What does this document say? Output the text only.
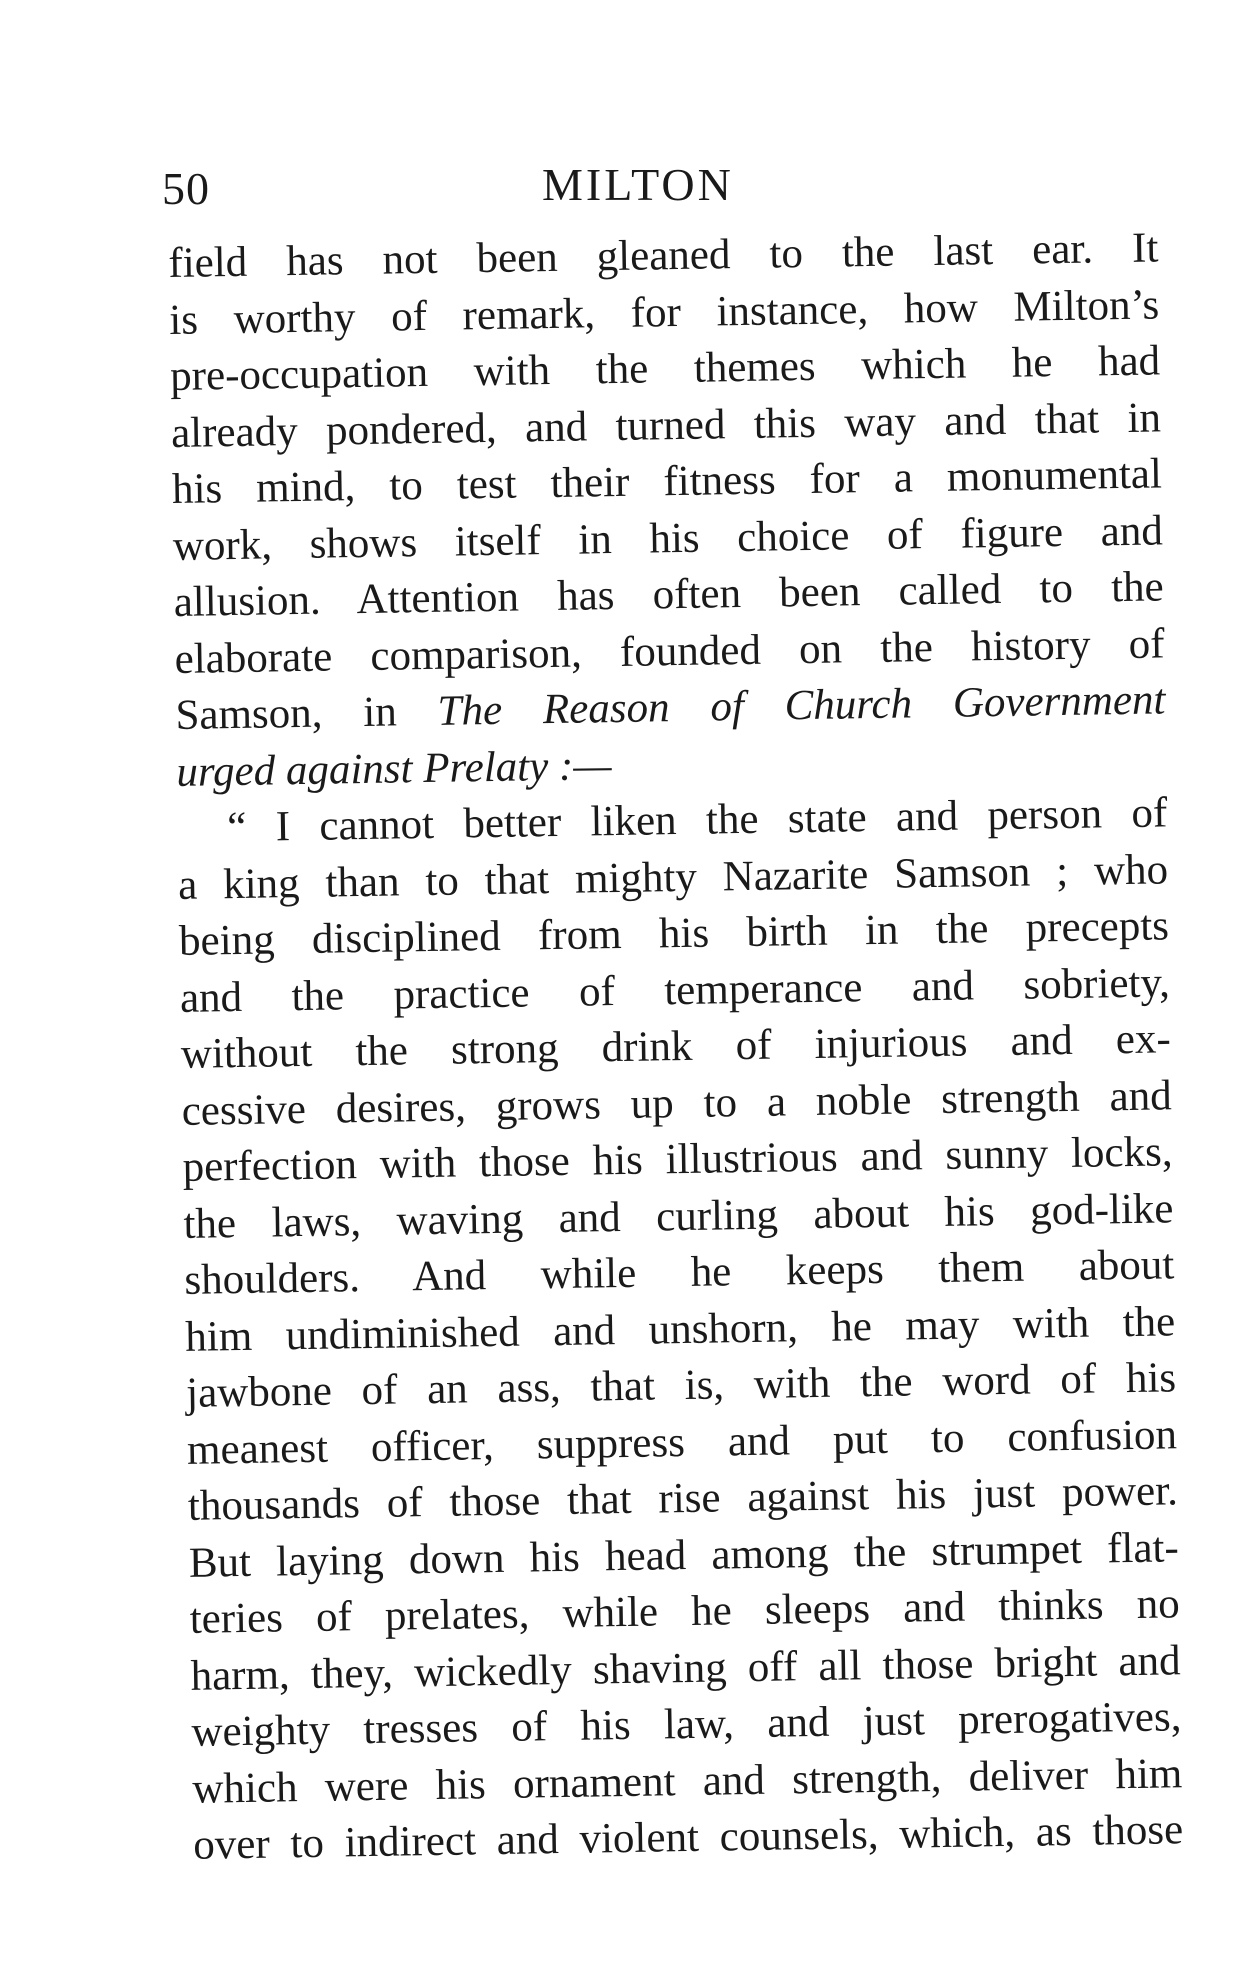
50	MILTON
field has not been gleaned to the last ear. It
is worthy of remark, for instance, how Milton’s
pre-occupation with the themes which he had
already pondered, and turned this way and that in
his mind, to test their fitness for a monumental
work, shows itself in his choice of figure and
allusion. Attention has often been called to the
elaborate comparison, founded on the history of
Samson, in The Reason of Church Government
urged against Prelaty :—
“ I cannot better liken the state and person of
a king than to that mighty Nazarite Samson ; who
being disciplined from his birth in the precepts
and the practice of temperance and sobriety,
without the strong drink of injurious and ex-
cessive desires, grows up to a noble strength and
perfection with those his illustrious and sunny locks,
the laws, waving and curling about his god-like
shoulders. And while he keeps them about
him undiminished and unshorn, he may with the
jawbone of an ass, that is, with the word of his
meanest officer, suppress and put to confusion
thousands of those that rise against his just power.
But laying down his head among the strumpet flat-
teries of prelates, while he sleeps and thinks no
harm, they, wickedly shaving off all those bright and
weighty tresses of his law, and just prerogatives,
which were his ornament and strength, deliver him
over to indirect and violent counsels, which, as those
